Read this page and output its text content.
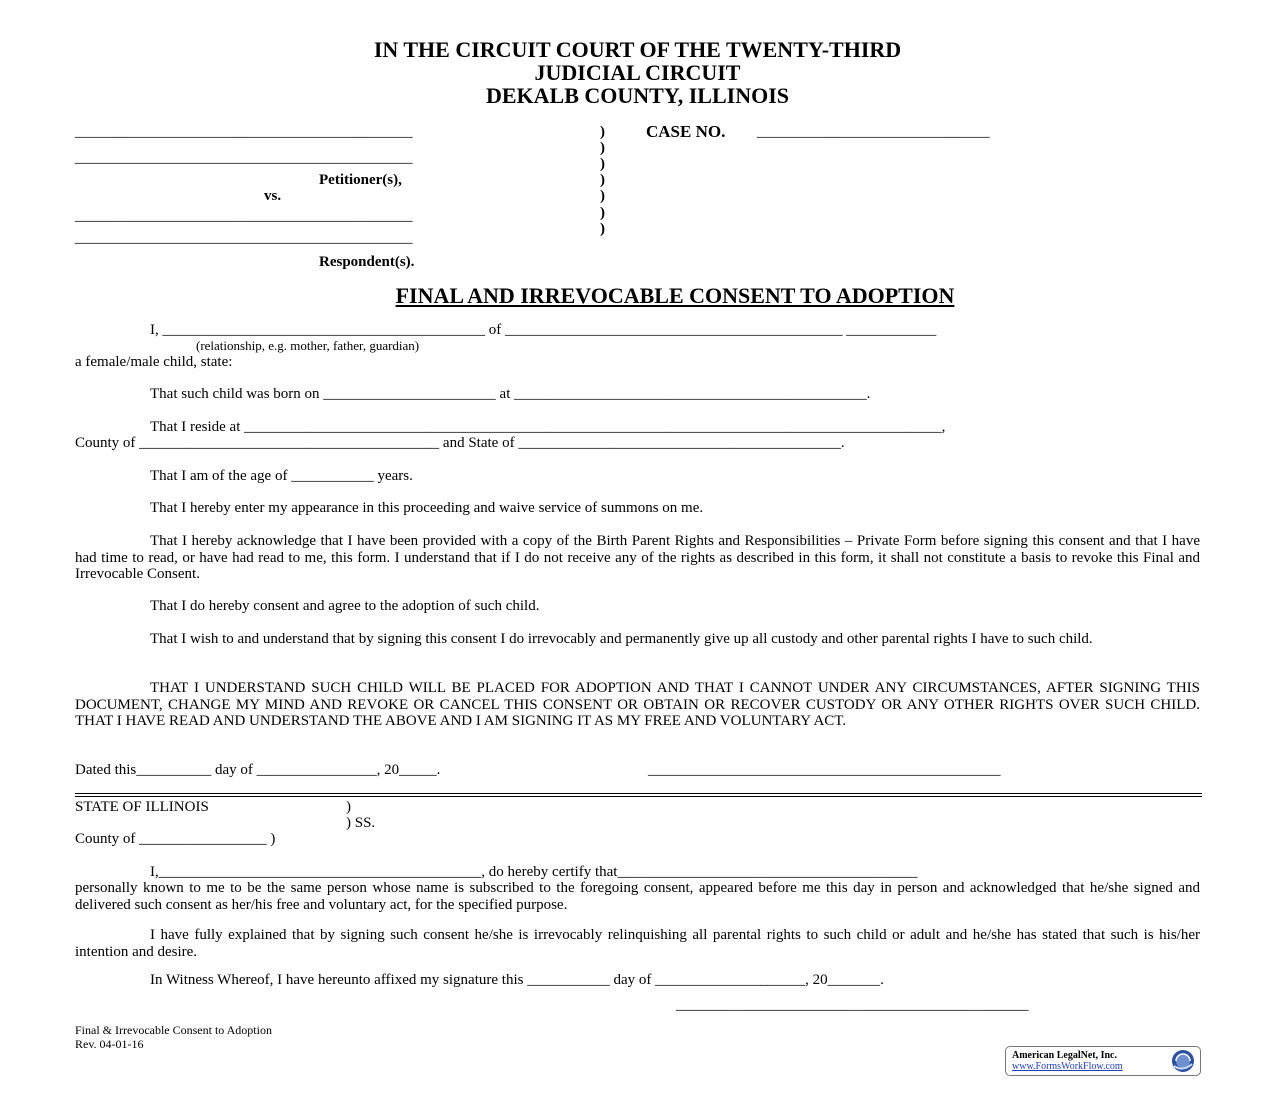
IN THE CIRCUIT COURT OF THE TWENTY-THIRD
JUDICIAL CIRCUIT
DEKALB COUNTY, ILLINOIS
_____________________________________________
_____________________________________________
Petitioner(s),
vs.
_____________________________________________
_____________________________________________
Respondent(s).
)
)
)
)
)
)
)
CASE NO. _______________________________
FINAL AND IRREVOCABLE CONSENT TO ADOPTION
I, ___________________________________________ of _____________________________________________ ____________
(relationship, e.g. mother, father, guardian)
a female/male child, state:
That such child was born on _______________________ at _______________________________________________.
That I reside at _____________________________________________________________________________________________,
County of ________________________________________ and State of ___________________________________________.
That I am of the age of ___________ years.
That I hereby enter my appearance in this proceeding and waive service of summons on me.
That I hereby acknowledge that I have been provided with a copy of the Birth Parent Rights and Responsibilities – Private Form before signing this consent and that I have had time to read, or have had read to me, this form. I understand that if I do not receive any of the rights as described in this form, it shall not constitute a basis to revoke this Final and Irrevocable Consent.
That I do hereby consent and agree to the adoption of such child.
That I wish to and understand that by signing this consent I do irrevocably and permanently give up all custody and other parental rights I have to such child.
THAT I UNDERSTAND SUCH CHILD WILL BE PLACED FOR ADOPTION AND THAT I CANNOT UNDER ANY CIRCUMSTANCES, AFTER SIGNING THIS DOCUMENT, CHANGE MY MIND AND REVOKE OR CANCEL THIS CONSENT OR OBTAIN OR RECOVER CUSTODY OR ANY OTHER RIGHTS OVER SUCH CHILD. THAT I HAVE READ AND UNDERSTAND THE ABOVE AND I AM SIGNING IT AS MY FREE AND VOLUNTARY ACT.
Dated this__________ day of ________________, 20_____.	_______________________________________________
STATE OF ILLINOIS	)
) SS.
County of _________________ )
I,___________________________________________, do hereby certify that________________________________________
personally known to me to be the same person whose name is subscribed to the foregoing consent, appeared before me this day in person and acknowledged that he/she signed and delivered such consent as her/his free and voluntary act, for the specified purpose.
I have fully explained that by signing such consent he/she is irrevocably relinquishing all parental rights to such child or adult and he/she has stated that such is his/her intention and desire.
In Witness Whereof, I have hereunto affixed my signature this ___________ day of ____________________, 20_______.
_______________________________________________
Final & Irrevocable Consent to Adoption
Rev. 04-01-16
American LegalNet, Inc.
www.FormsWorkFlow.com
